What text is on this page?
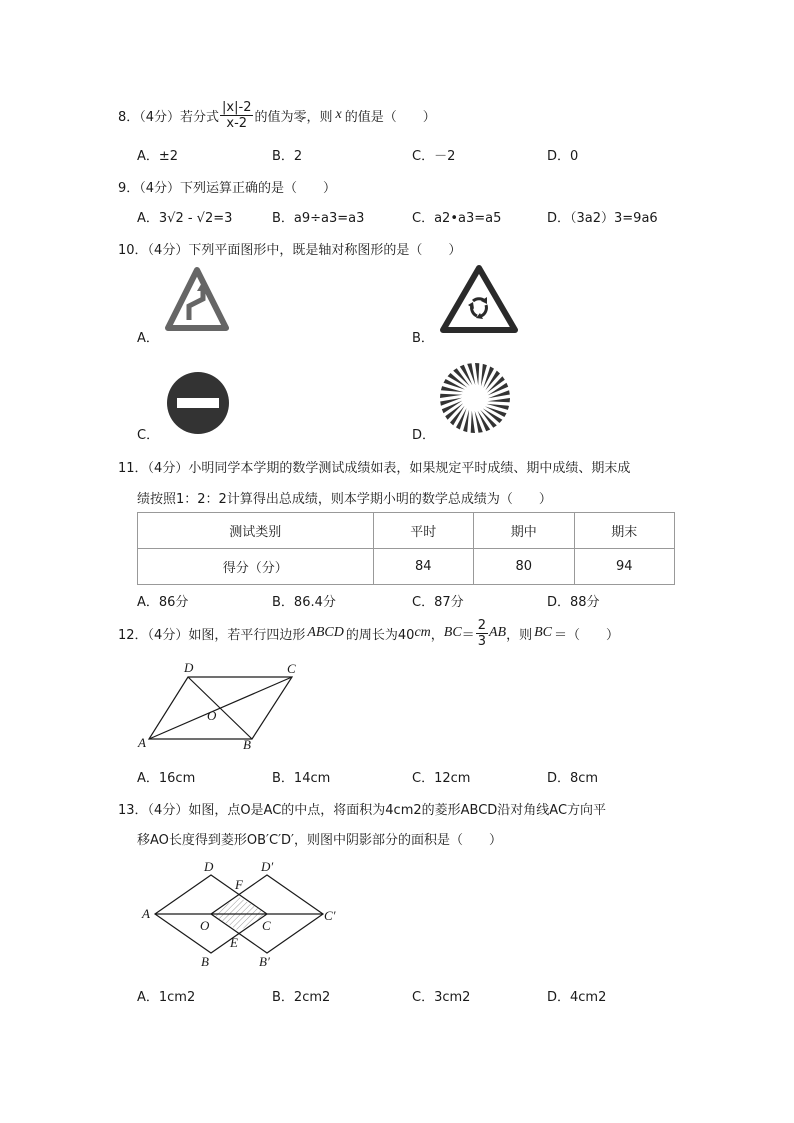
8．（4分）若分式 $\frac{|x|-2}{x-2}$ 的值为零，则 x 的值是（　　）
A．±2	B．2	C．－2	D．0
9．（4分）下列运算正确的是（　　）
A．3√2 - √2=3	B．a9÷a3=a3	C．a2•a3=a5	D．（3a2）3=9a6
10．（4分）下列平面图形中，既是轴对称图形的是（　　）
A．	B．
C．	D．
11．（4分）小明同学本学期的数学测试成绩如表，如果规定平时成绩、期中成绩、期末成
绩按照1：2：2计算得出总成绩，则本学期小明的数学总成绩为（　　）
测试类别	平时	期中	期末
得分（分）	84	80	94
A．86分	B．86.4分	C．87分	D．88分
12．（4分）如图，若平行四边形 ABCD 的周长为40 cm ， BC ＝ $\frac{2}{3}$ AB ，则 BC ＝（　　）
D	C
O
A	B
A．16cm	B．14cm	C．12cm	D．8cm
13．（4分）如图，点O是AC的中点，将面积为4cm2的菱形ABCD沿对角线AC方向平
移AO长度得到菱形OB′C′D′，则图中阴影部分的面积是（　　）
D	D′
F
A
O	C
C′
E
B	B′
A．1cm2	B．2cm2	C．3cm2	D．4cm2
